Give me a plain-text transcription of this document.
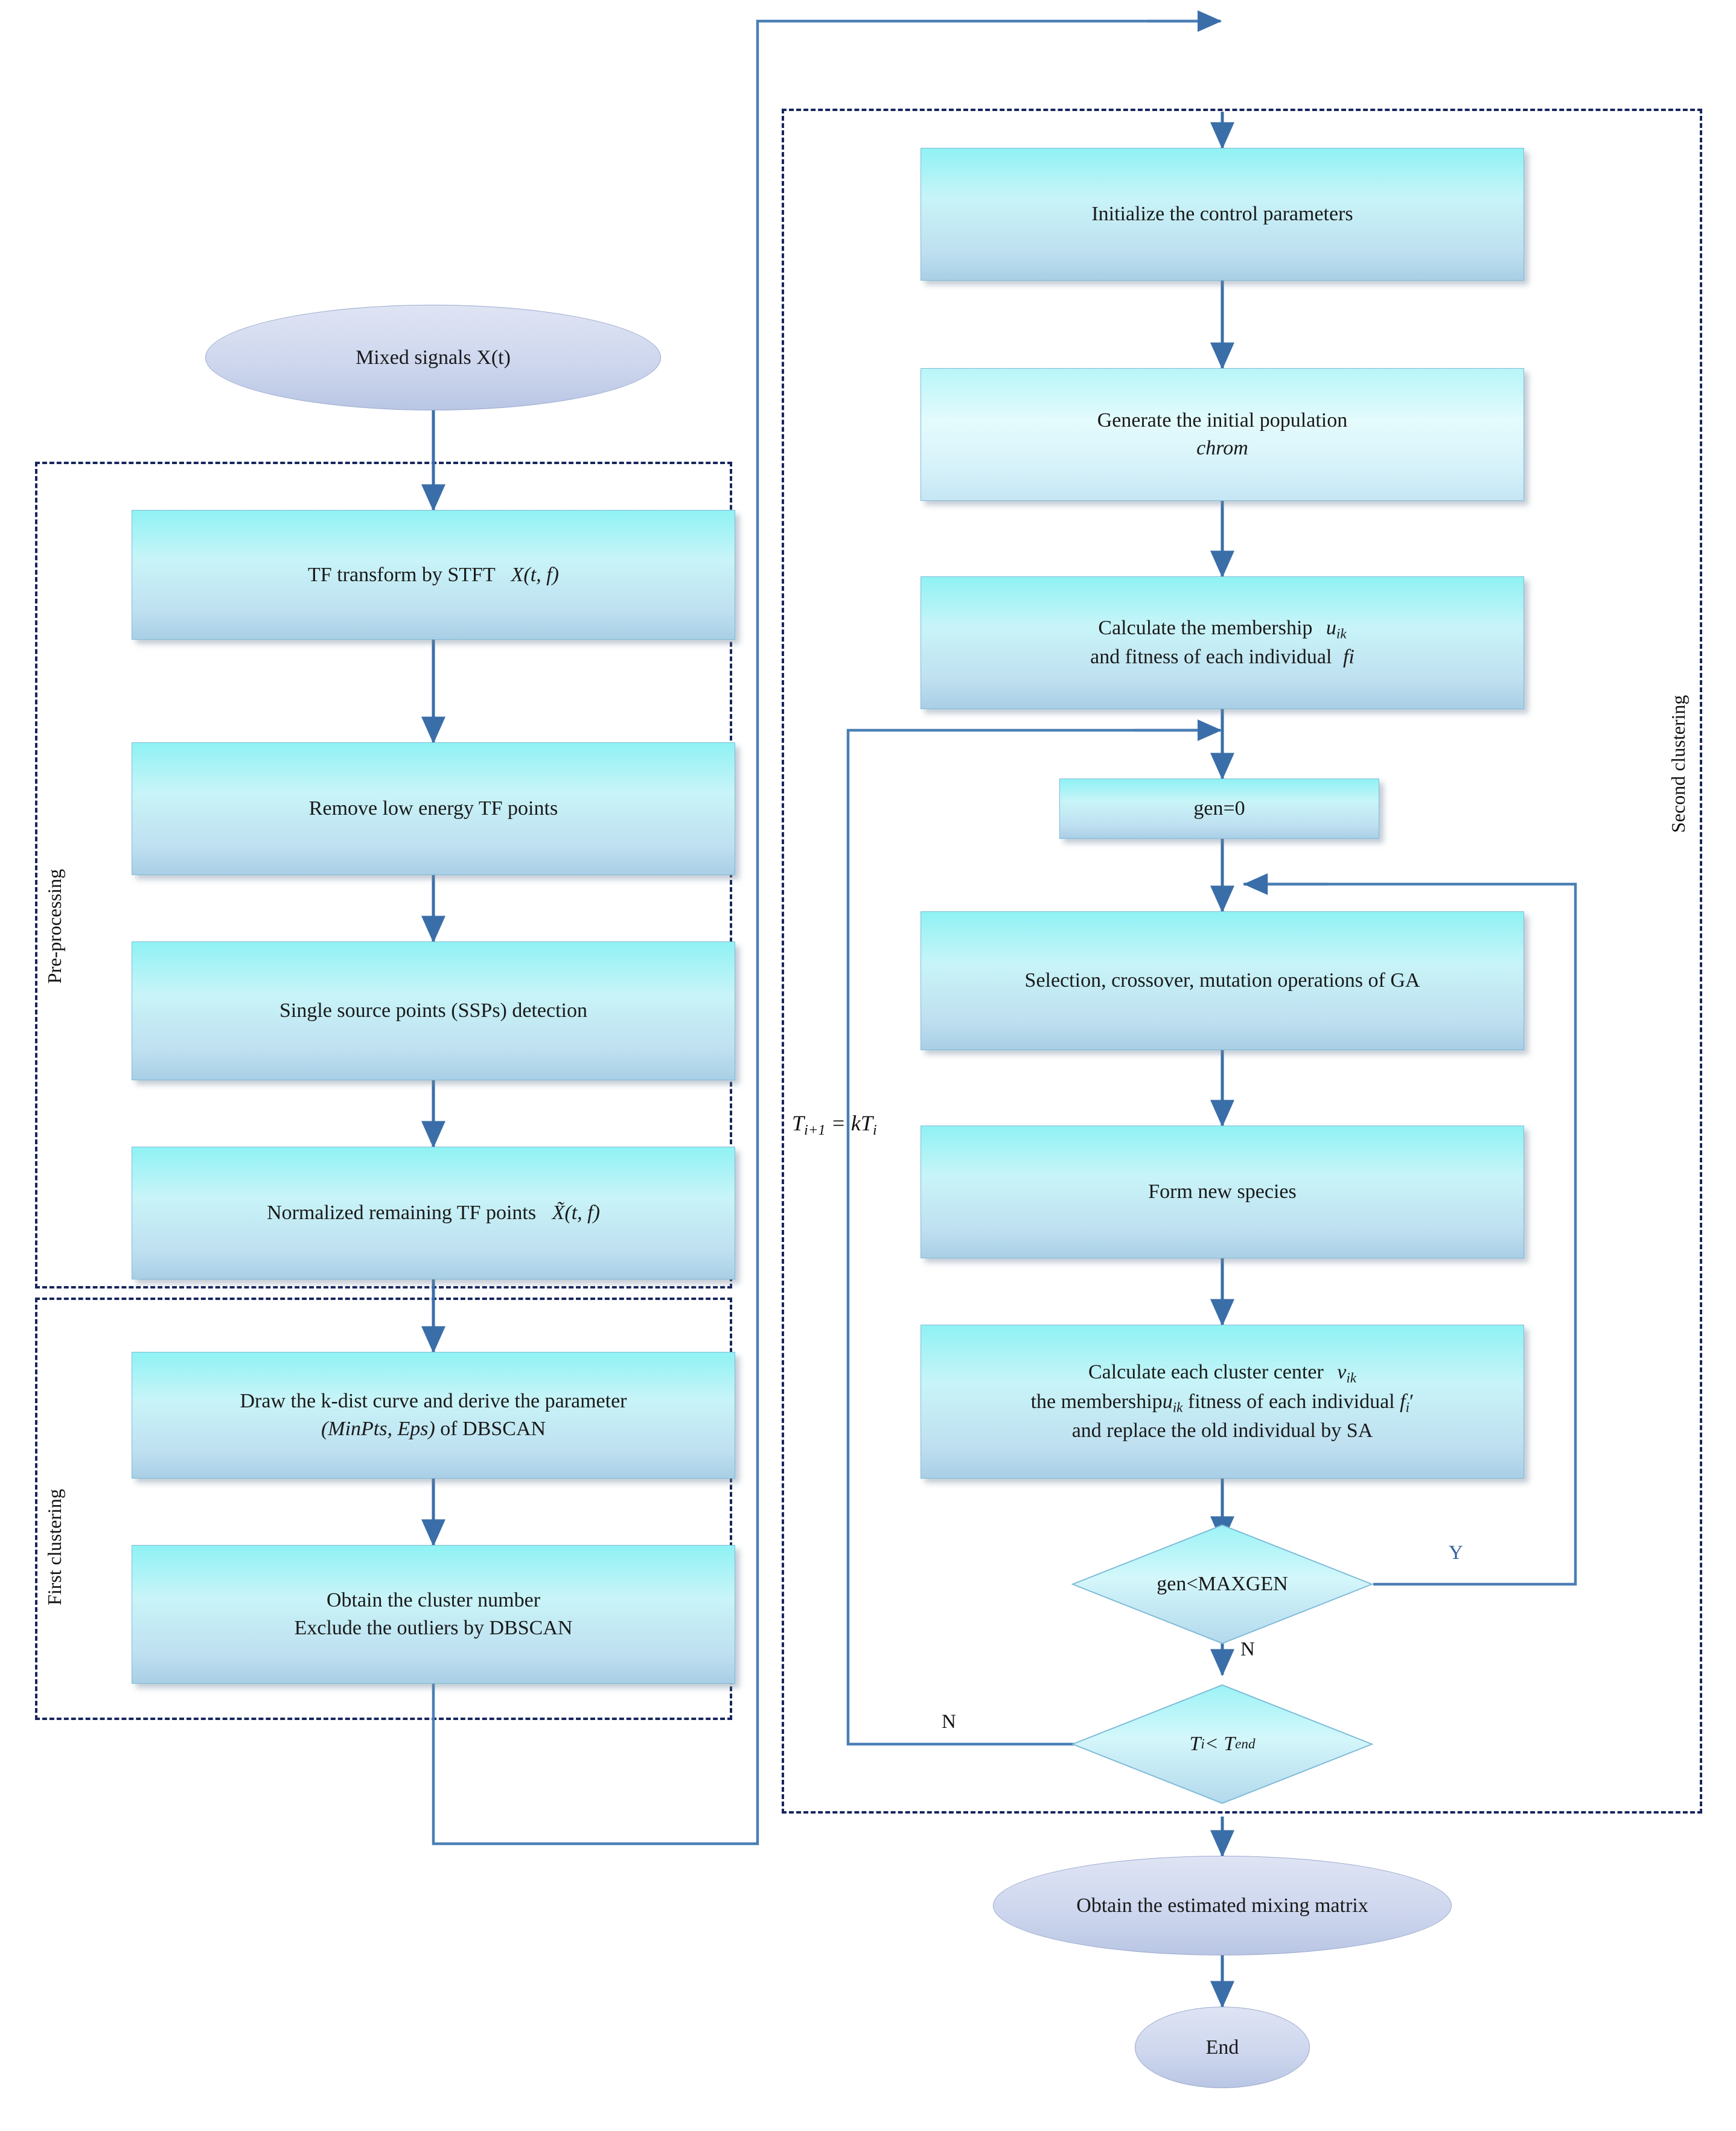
Pre-processing
First clustering
Second clustering
Mixed signals X(t)
TF transform by STFT X(t, f)
Remove low energy TF points
Single source points (SSPs) detection
Normalized remaining TF points X̃(t, f)
Draw the k-dist curve and derive the parameter
(MinPts, Eps) of DBSCAN
Obtain the cluster number
Exclude the outliers by DBSCAN
Initialize the control parameters
Generate the initial population
chrom
Calculate the membership $u_{ik}$
and fitness of each individual fi
gen=0
Selection, crossover, mutation operations of GA
Form new species
Calculate each cluster center $v_{ik}$
the membershipu$_{ik}$ fitness of each individual $f_i'$
and replace the old individual by SA
gen<MAXGEN
T i < T end
Obtain the estimated mixing matrix
End
Y
N
N
$T_{i+1} = kT_i$
